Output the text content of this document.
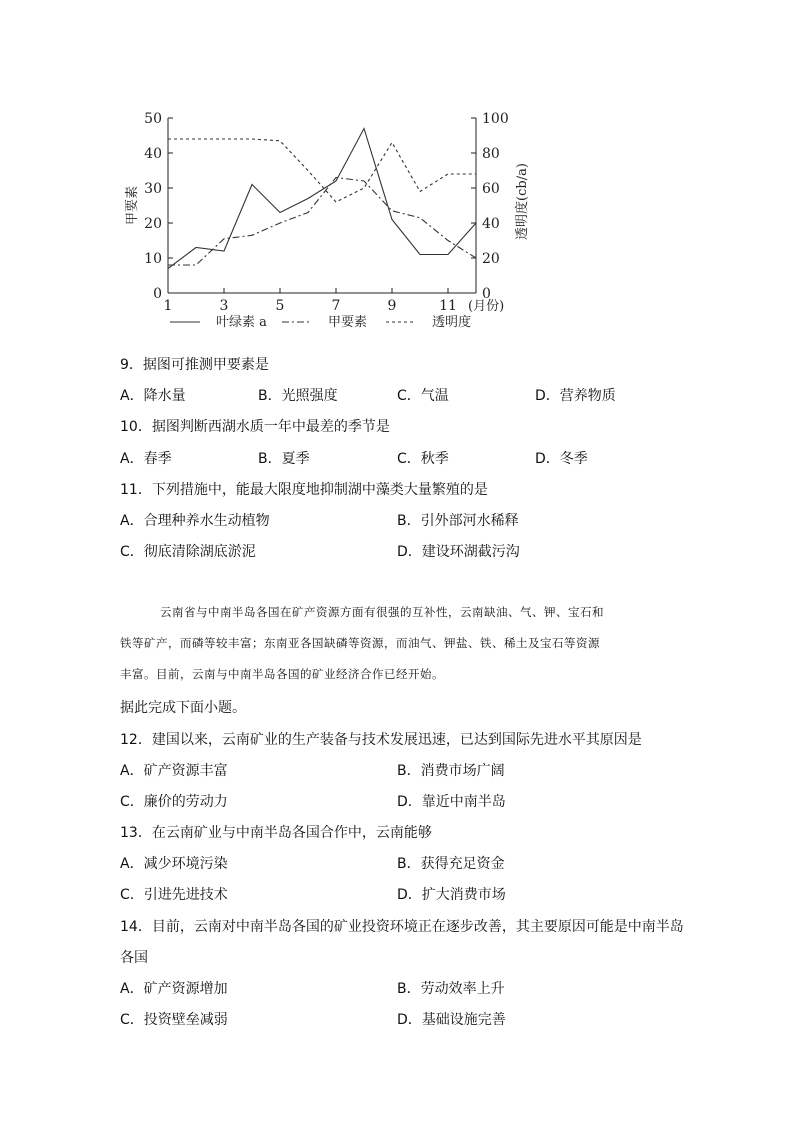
0
10
20
30
40
50
0
20
40
60
80
100
1	3	5	7	9	11 (月份)
甲要素	透明度(cb/a)
叶绿素 a	甲要素	透明度
9．据图可推测甲要素是
A．降水量	B．光照强度	C．气温	D．营养物质
10．据图判断西湖水质一年中最差的季节是
A．春季	B．夏季	C．秋季	D．冬季
11．下列措施中，能最大限度地抑制湖中藻类大量繁殖的是
A．合理种养水生动植物	B．引外部河水稀释
C．彻底清除湖底淤泥	D．建设环湖截污沟

云南省与中南半岛各国在矿产资源方面有很强的互补性，云南缺油、气、钾、宝石和

铁等矿产，而磷等较丰富；东南亚各国缺磷等资源，而油气、钾盐、铁、稀土及宝石等资源

丰富。目前，云南与中南半岛各国的矿业经济合作已经开始。

据此完成下面小题。
12．建国以来，云南矿业的生产装备与技术发展迅速，已达到国际先进水平其原因是
A．矿产资源丰富	B．消费市场广阔
C．廉价的劳动力	D．靠近中南半岛
13．在云南矿业与中南半岛各国合作中，云南能够
A．减少环境污染	B．获得充足资金
C．引进先进技术	D．扩大消费市场
14．目前，云南对中南半岛各国的矿业投资环境正在逐步改善，其主要原因可能是中南半岛
各国
A．矿产资源增加	B．劳动效率上升
C．投资壁垒减弱	D．基础设施完善
